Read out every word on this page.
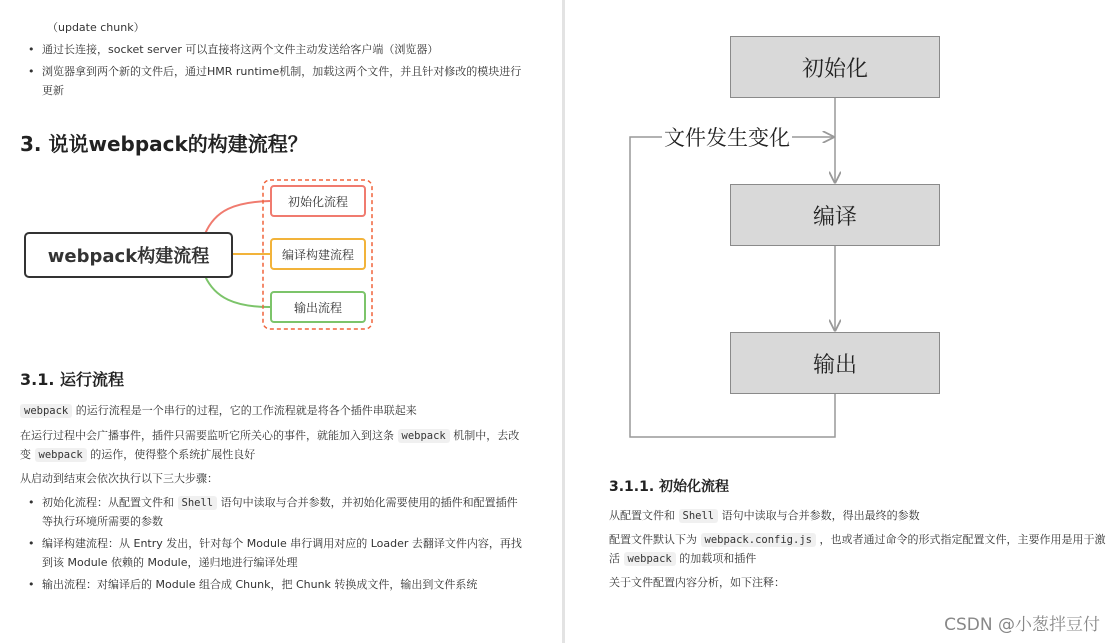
（update chunk）
• 通过长连接，socket server 可以直接将这两个文件主动发送给客户端（浏览器）
• 浏览器拿到两个新的文件后，通过HMR runtime机制，加载这两个文件，并且针对修改的模块进行
更新
3. 说说webpack的构建流程？
webpack构建流程
初始化流程
编译构建流程
输出流程
3.1. 运行流程
webpack 的运行流程是一个串行的过程，它的工作流程就是将各个插件串联起来
在运行过程中会广播事件，插件只需要监听它所关心的事件，就能加入到这条 webpack 机制中，去改
变 webpack 的运作，使得整个系统扩展性良好
从启动到结束会依次执行以下三大步骤：
• 初始化流程：从配置文件和 Shell 语句中读取与合并参数，并初始化需要使用的插件和配置插件
等执行环境所需要的参数
• 编译构建流程：从 Entry 发出，针对每个 Module 串行调用对应的 Loader 去翻译文件内容，再找
到该 Module 依赖的 Module，递归地进行编译处理
• 输出流程：对编译后的 Module 组合成 Chunk，把 Chunk 转换成文件，输出到文件系统
初始化
编译
输出
文件发生变化
3.1.1. 初始化流程
从配置文件和 Shell 语句中读取与合并参数，得出最终的参数
配置文件默认下为 webpack.config.js ，也或者通过命令的形式指定配置文件，主要作用是用于激
活 webpack 的加载项和插件
关于文件配置内容分析，如下注释：
CSDN @小葱拌豆付
